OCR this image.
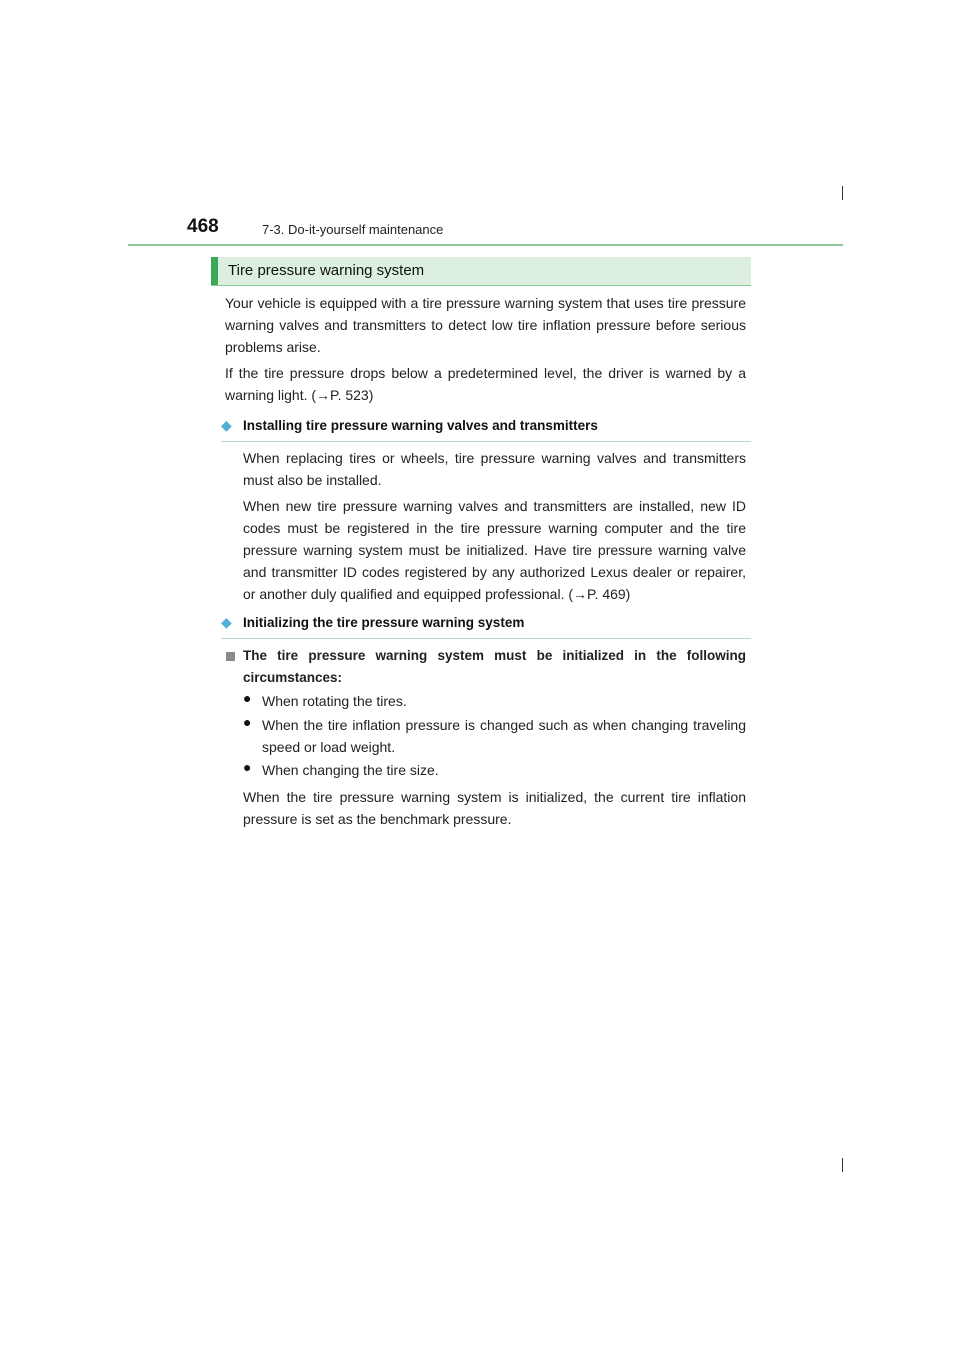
468	7-3. Do-it-yourself maintenance
Tire pressure warning system
Your vehicle is equipped with a tire pressure warning system that uses tire pressure warning valves and transmitters to detect low tire inflation pressure before serious problems arise.
If the tire pressure drops below a predetermined level, the driver is warned by a warning light. (→P. 523)
◆ Installing tire pressure warning valves and transmitters
When replacing tires or wheels, tire pressure warning valves and transmitters must also be installed.
When new tire pressure warning valves and transmitters are installed, new ID codes must be registered in the tire pressure warning computer and the tire pressure warning system must be initialized. Have tire pressure warning valve and transmitter ID codes registered by any authorized Lexus dealer or repairer, or another duly qualified and equipped professional. (→P. 469)
◆ Initializing the tire pressure warning system
The tire pressure warning system must be initialized in the following circumstances:
● When rotating the tires.
● When the tire inflation pressure is changed such as when changing traveling speed or load weight.
● When changing the tire size.
When the tire pressure warning system is initialized, the current tire inflation pressure is set as the benchmark pressure.
